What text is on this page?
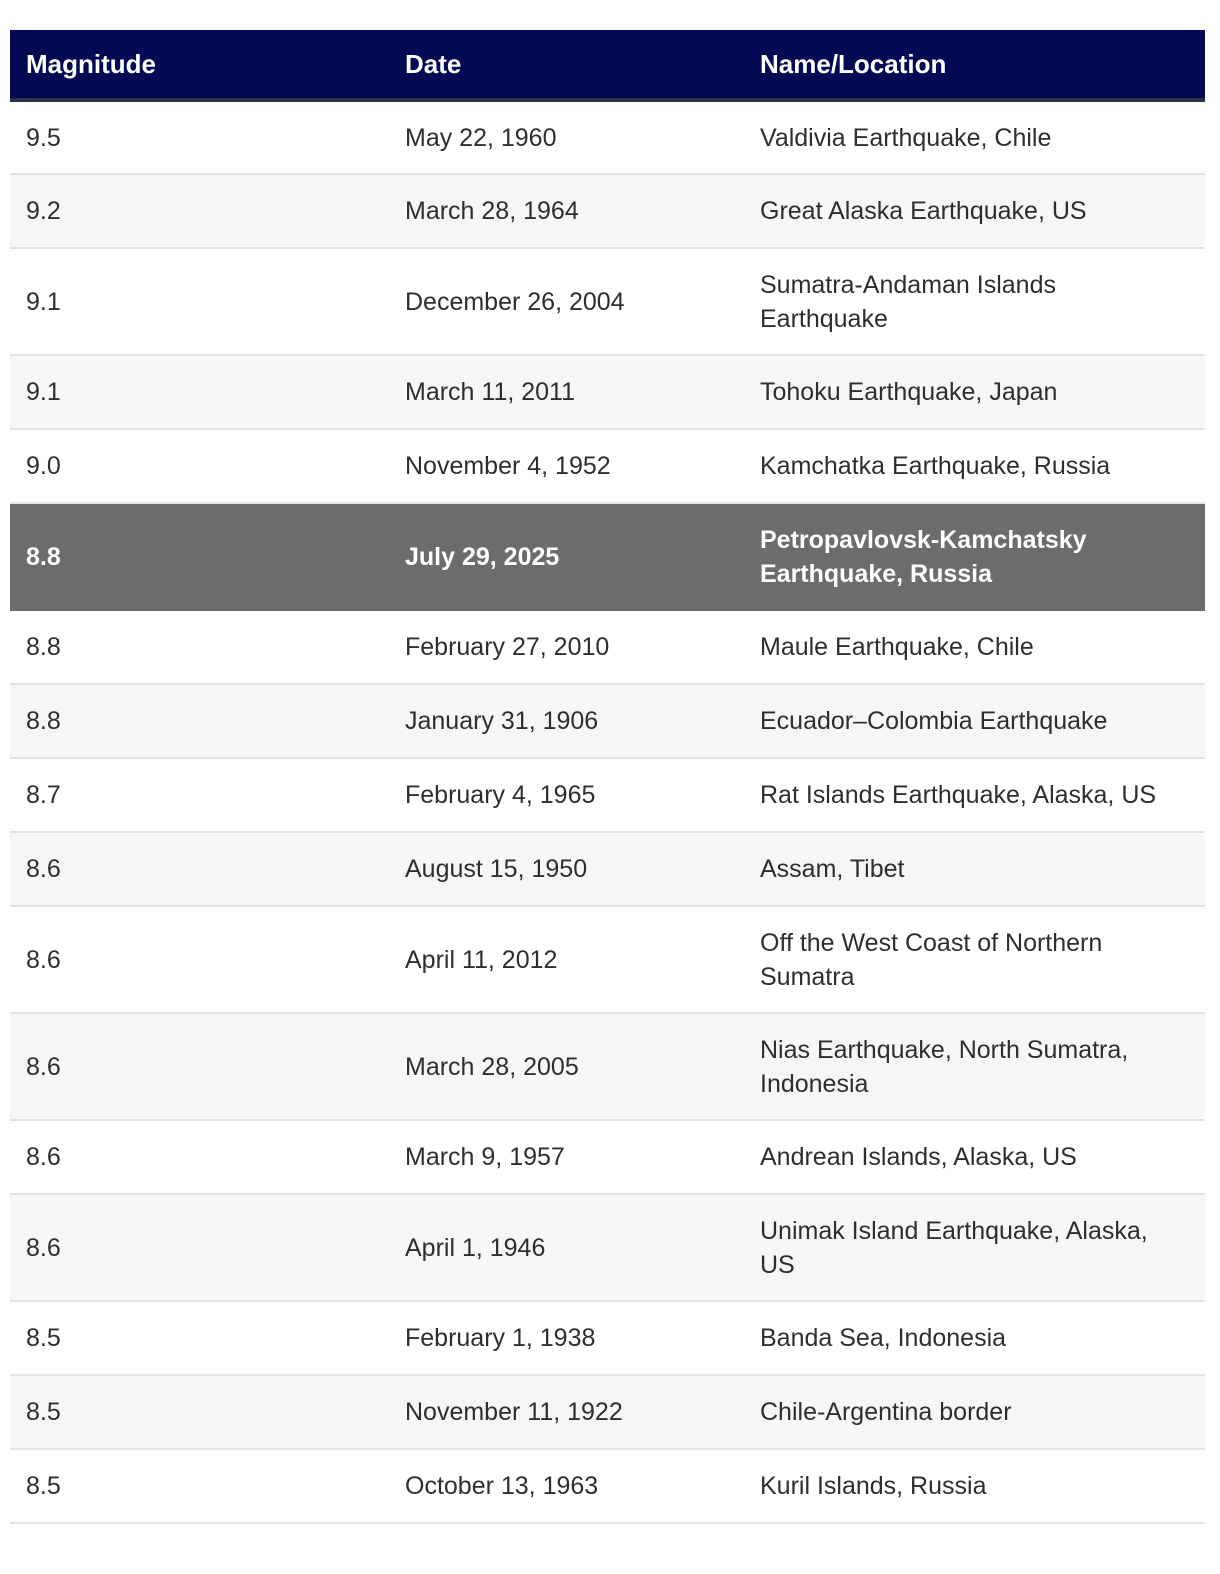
Magnitude	Date	Name/Location
9.5	May 22, 1960	Valdivia Earthquake, Chile
9.2	March 28, 1964	Great Alaska Earthquake, US
9.1	December 26, 2004	Sumatra-Andaman Islands Earthquake
9.1	March 11, 2011	Tohoku Earthquake, Japan
9.0	November 4, 1952	Kamchatka Earthquake, Russia
8.8	July 29, 2025	Petropavlovsk-Kamchatsky Earthquake, Russia
8.8	February 27, 2010	Maule Earthquake, Chile
8.8	January 31, 1906	Ecuador–Colombia Earthquake
8.7	February 4, 1965	Rat Islands Earthquake, Alaska, US
8.6	August 15, 1950	Assam, Tibet
8.6	April 11, 2012	Off the West Coast of Northern Sumatra
8.6	March 28, 2005	Nias Earthquake, North Sumatra, Indonesia
8.6	March 9, 1957	Andrean Islands, Alaska, US
8.6	April 1, 1946	Unimak Island Earthquake, Alaska, US
8.5	February 1, 1938	Banda Sea, Indonesia
8.5	November 11, 1922	Chile-Argentina border
8.5	October 13, 1963	Kuril Islands, Russia
